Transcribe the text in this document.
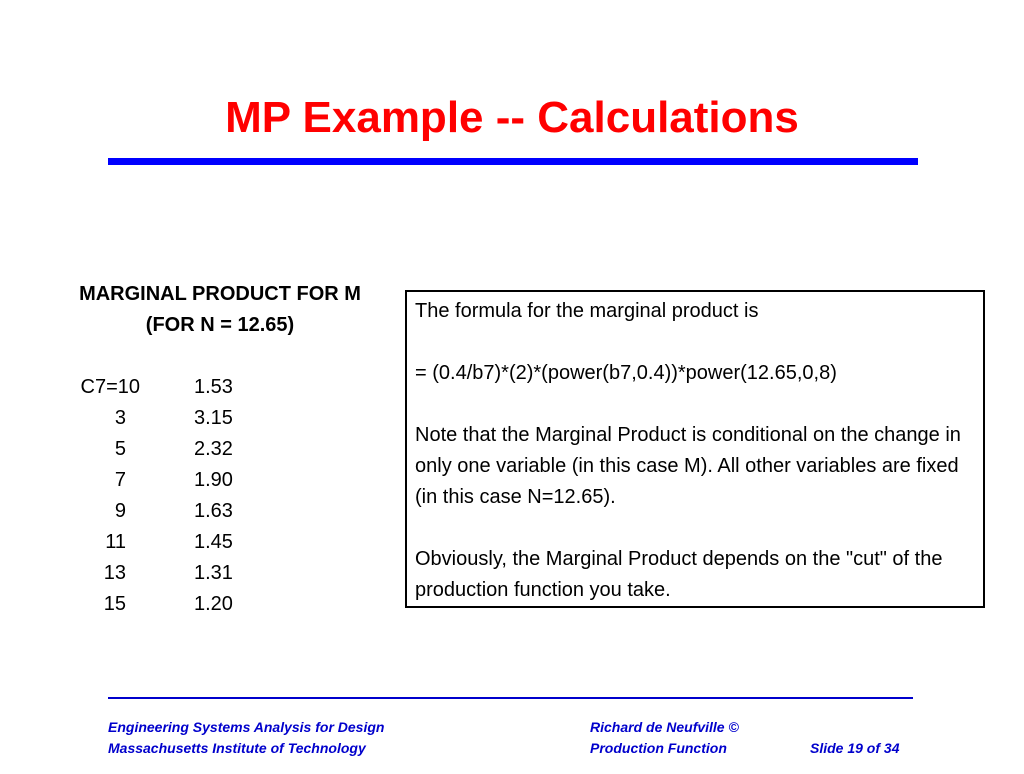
MP Example -- Calculations
MARGINAL PRODUCT FOR M
(FOR N = 12.65)
C7=10	1.53
3	3.15
5	2.32
7	1.90
9	1.63
11	1.45
13	1.31
15	1.20

The formula for the marginal product is

= (0.4/b7)*(2)*(power(b7,0.4))*power(12.65,0,8)

Note that the Marginal Product is conditional on the change in only one variable (in this case M). All other variables are fixed (in this case N=12.65).

Obviously, the Marginal Product depends on the "cut" of the production function you take.

Engineering Systems Analysis for Design
Massachusetts Institute of Technology
Richard de Neufville ©
Production Function	Slide 19 of 34
